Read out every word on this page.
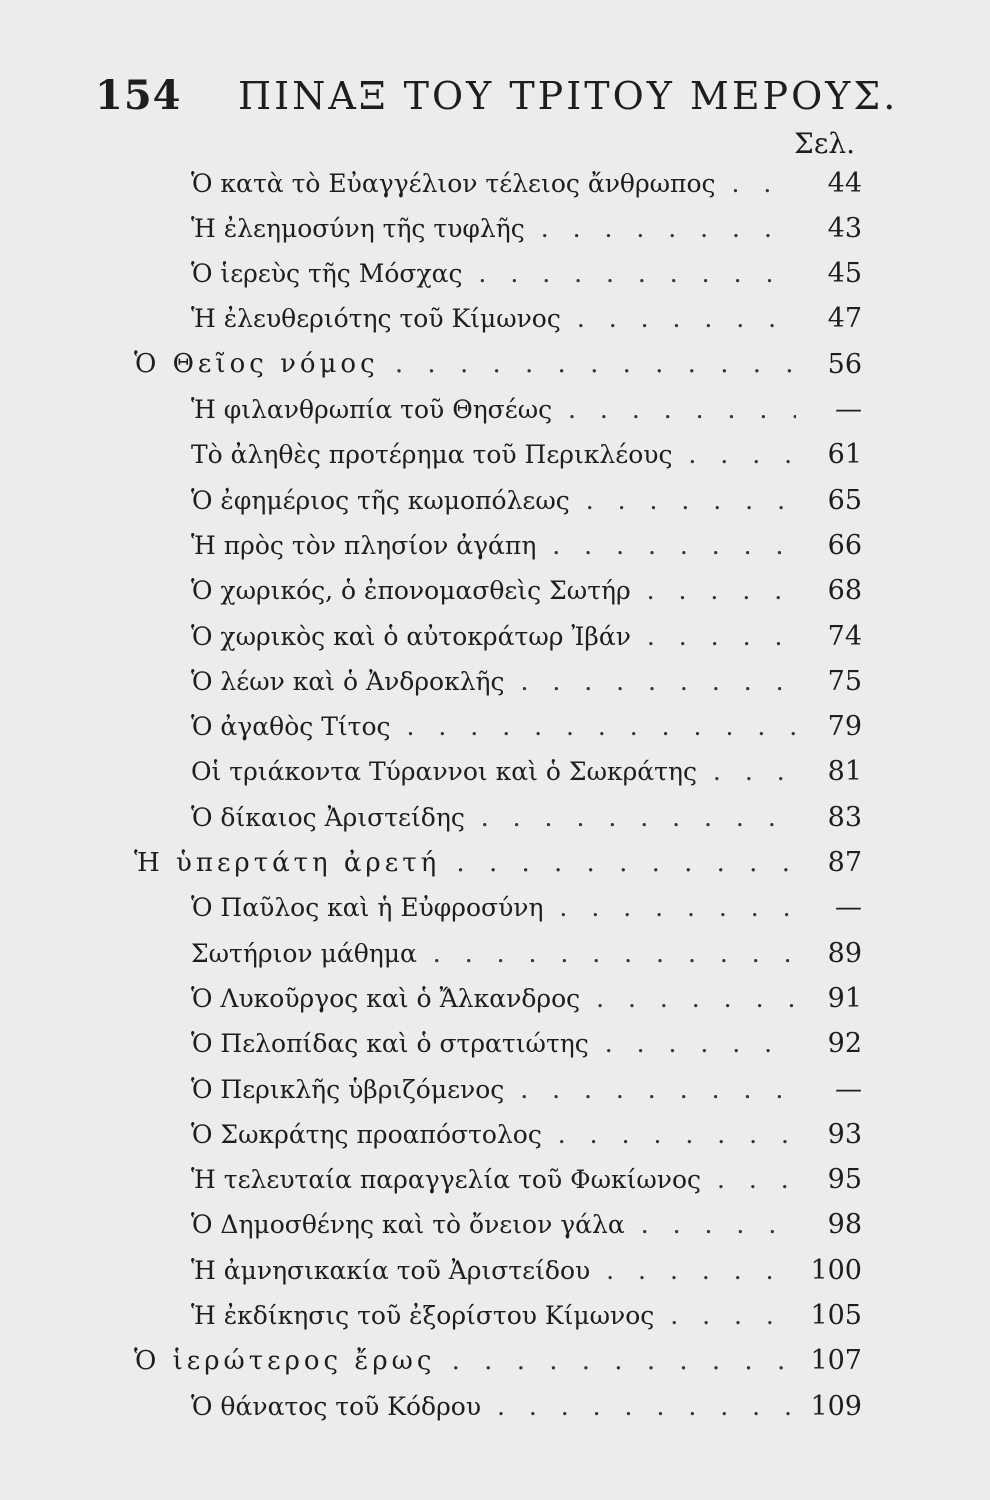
154 ΠΙΝΑΞ ΤΟΥ ΤΡΙΤΟΥ ΜΕΡΟΥΣ.
Σελ.
Ὁ κατὰ τὸ Εὐαγγέλιον τέλειος ἄνθρωπος . . .	44
Ἡ ἐλεημοσύνη τῆς τυφλῆς . . .	43
Ὁ ἱερεὺς τῆς Μόσχας . . .	45
Ἡ ἐλευθεριότης τοῦ Κίμωνος . . .	47
Ὁ Θεῖος νόμος . . .	56
Ἡ φιλανθρωπία τοῦ Θησέως . . .	—
Τὸ ἀληθὲς προτέρημα τοῦ Περικλέους . . .	61
Ὁ ἐφημέριος τῆς κωμοπόλεως . . .	65
Ἡ πρὸς τὸν πλησίον ἀγάπη . . .	66
Ὁ χωρικός, ὁ ἐπονομασθεὶς Σωτήρ . . .	68
Ὁ χωρικὸς καὶ ὁ αὐτοκράτωρ Ἰβάν . . .	74
Ὁ λέων καὶ ὁ Ἀνδροκλῆς . . .	75
Ὁ ἀγαθὸς Τίτος . . .	79
Οἱ τριάκοντα Τύραννοι καὶ ὁ Σωκράτης . . .	81
Ὁ δίκαιος Ἀριστείδης . . .	83
Ἡ ὑπερτάτη ἀρετή . . .	87
Ὁ Παῦλος καὶ ἡ Εὐφροσύνη . . .	—
Σωτήριον μάθημα . . .	89
Ὁ Λυκοῦργος καὶ ὁ Ἄλκανδρος . . .	91
Ὁ Πελοπίδας καὶ ὁ στρατιώτης . . .	92
Ὁ Περικλῆς ὑβριζόμενος . . .	—
Ὁ Σωκράτης προαπόστολος . . .	93
Ἡ τελευταία παραγγελία τοῦ Φωκίωνος . . .	95
Ὁ Δημοσθένης καὶ τὸ ὄνειον γάλα . . .	98
Ἡ ἀμνησικακία τοῦ Ἀριστείδου . . .	100
Ἡ ἐκδίκησις τοῦ ἐξορίστου Κίμωνος . . .	105
Ὁ ἱερώτερος ἔρως . . .	107
Ὁ θάνατος τοῦ Κόδρου . . .	109
